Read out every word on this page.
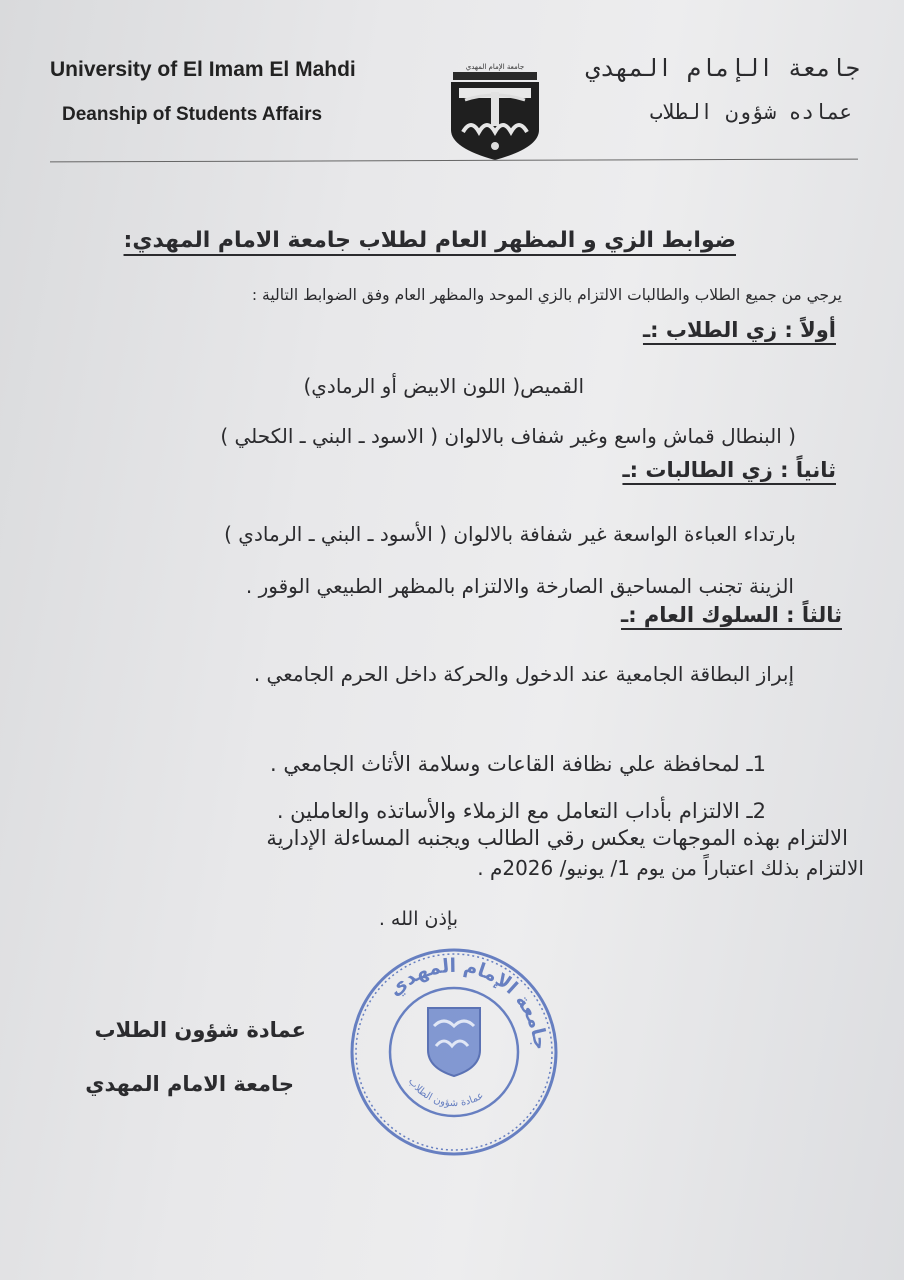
University of El Imam El Mahdi
Deanship of Students Affairs
جامعة الإمام المهدي
عماده شؤون الطلاب
جامعة الإمام المهدي
ضوابط الزي و المظهر العام لطلاب جامعة الامام المهدي:
يرجي من جميع الطلاب والطالبات الالتزام بالزي الموحد والمظهر العام وفق الضوابط التالية :
أولاً : زي الطلاب :ـ
القميص( اللون الابيض أو الرمادي)
( البنطال قماش واسع وغير شفاف بالالوان ( الاسود ـ البني ـ الكحلي )
ثانياً : زي الطالبات :ـ
بارتداء العباءة الواسعة غير شفافة بالالوان ( الأسود ـ البني ـ الرمادي )
الزينة تجنب المساحيق الصارخة والالتزام بالمظهر الطبيعي الوقور .
ثالثاً : السلوك العام :ـ
إبراز البطاقة الجامعية عند الدخول والحركة داخل الحرم الجامعي .
1ـ لمحافظة علي نظافة القاعات وسلامة الأثاث الجامعي .
2ـ الالتزام بأداب التعامل مع الزملاء والأساتذه والعاملين .
الالتزام بهذه الموجهات يعكس رقي الطالب ويجنبه المساءلة الإدارية
الالتزام بذلك اعتباراً من يوم 1/ يونيو/ 2026م .
بإذن الله .
عمادة شؤون الطلاب
جامعة الامام المهدي
جامعة الإمام المهدي
عمادة شؤون الطلاب
